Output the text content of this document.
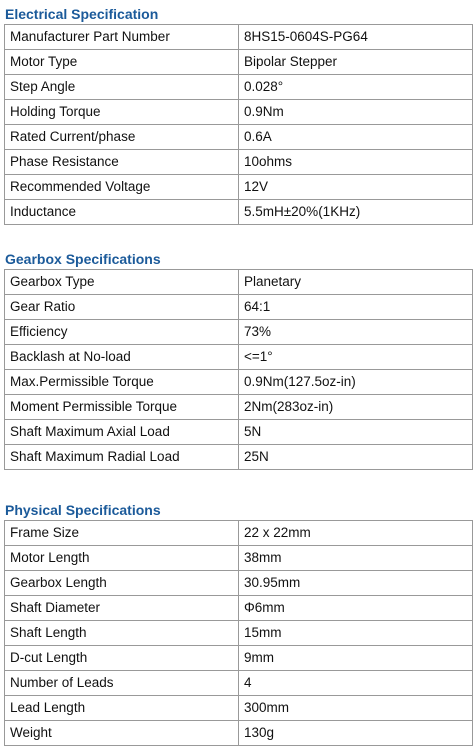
Electrical Specification
Manufacturer Part Number	8HS15-0604S-PG64
Motor Type	Bipolar Stepper
Step Angle	0.028°
Holding Torque	0.9Nm
Rated Current/phase	0.6A
Phase Resistance	10ohms
Recommended Voltage	12V
Inductance	5.5mH±20%(1KHz)
Gearbox Specifications
Gearbox Type	Planetary
Gear Ratio	64:1
Efficiency	73%
Backlash at No-load	<=1°
Max.Permissible Torque	0.9Nm(127.5oz-in)
Moment Permissible Torque	2Nm(283oz-in)
Shaft Maximum Axial Load	5N
Shaft Maximum Radial Load	25N
Physical Specifications
Frame Size	22 x 22mm
Motor Length	38mm
Gearbox Length	30.95mm
Shaft Diameter	Φ6mm
Shaft Length	15mm
D-cut Length	9mm
Number of Leads	4
Lead Length	300mm
Weight	130g
